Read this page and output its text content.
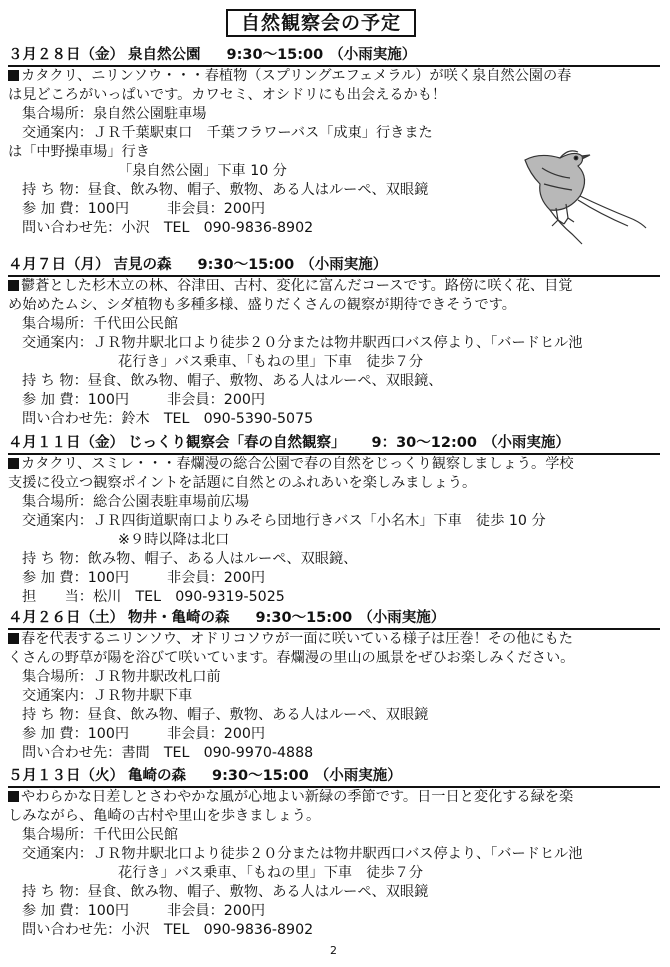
自然観察会の予定
３月２８日（金） 泉自然公園 9:30～15:00 （小雨実施）
カタクリ、ニリンソウ・・・春植物（スプリングエフェメラル）が咲く泉自然公園の春
は見どころがいっぱいです。カワセミ、オシドリにも出会えるかも！
集合場所：泉自然公園駐車場
交通案内：ＪＲ千葉駅東口　千葉フラワーバス「成東」行きまた
は「中野操車場」行き
「泉自然公園」下車 10 分
持 ち 物：昼食、飲み物、帽子、敷物、ある人はルーペ、双眼鏡
参 加 費：100円	非会員：200円
問い合わせ先：小沢　TEL　090-9836-8902
４月７日（月） 吉見の森 9:30～15:00 （小雨実施）
鬱蒼とした杉木立の林、谷津田、古村、変化に富んだコースです。路傍に咲く花、目覚
め始めたムシ、シダ植物も多種多様、盛りだくさんの観察が期待できそうです。
集合場所：千代田公民館
交通案内：ＪＲ物井駅北口より徒歩２０分または物井駅西口バス停より、「バードヒル池
花行き」バス乗車、「もねの里」下車　徒歩７分
持 ち 物：昼食、飲み物、帽子、敷物、ある人はルーペ、双眼鏡、
参 加 費：100円	非会員：200円
問い合わせ先：鈴木　TEL　090-5390-5075
４月１１日（金） じっくり観察会「春の自然観察」 9：30～12:00 （小雨実施）
カタクリ、スミレ・・・春爛漫の総合公園で春の自然をじっくり観察しましょう。学校
支援に役立つ観察ポイントを話題に自然とのふれあいを楽しみましょう。
集合場所：総合公園表駐車場前広場
交通案内：ＪＲ四街道駅南口よりみそら団地行きバス「小名木」下車　徒歩 10 分
※９時以降は北口
持 ち 物：飲み物、帽子、ある人はルーペ、双眼鏡、
参 加 費：100円	非会員：200円
担　　当：松川　TEL　090-9319-5025
４月２６日（土） 物井・亀崎の森 9:30～15:00 （小雨実施）
春を代表するニリンソウ、オドリコソウが一面に咲いている様子は圧巻！その他にもた
くさんの野草が陽を浴びて咲いています。春爛漫の里山の風景をぜひお楽しみください。
集合場所：ＪＲ物井駅改札口前
交通案内：ＪＲ物井駅下車
持 ち 物：昼食、飲み物、帽子、敷物、ある人はルーペ、双眼鏡
参 加 費：100円	非会員：200円
問い合わせ先：書間　TEL　090-9970-4888
５月１３日（火） 亀崎の森 9:30～15:00 （小雨実施）
やわらかな日差しとさわやかな風が心地よい新緑の季節です。日一日と変化する緑を楽
しみながら、亀崎の古村や里山を歩きましょう。
集合場所：千代田公民館
交通案内：ＪＲ物井駅北口より徒歩２０分または物井駅西口バス停より、「バードヒル池
花行き」バス乗車、「もねの里」下車　徒歩７分
持 ち 物：昼食、飲み物、帽子、敷物、ある人はルーペ、双眼鏡
参 加 費：100円	非会員：200円
問い合わせ先：小沢　TEL　090-9836-8902
2
